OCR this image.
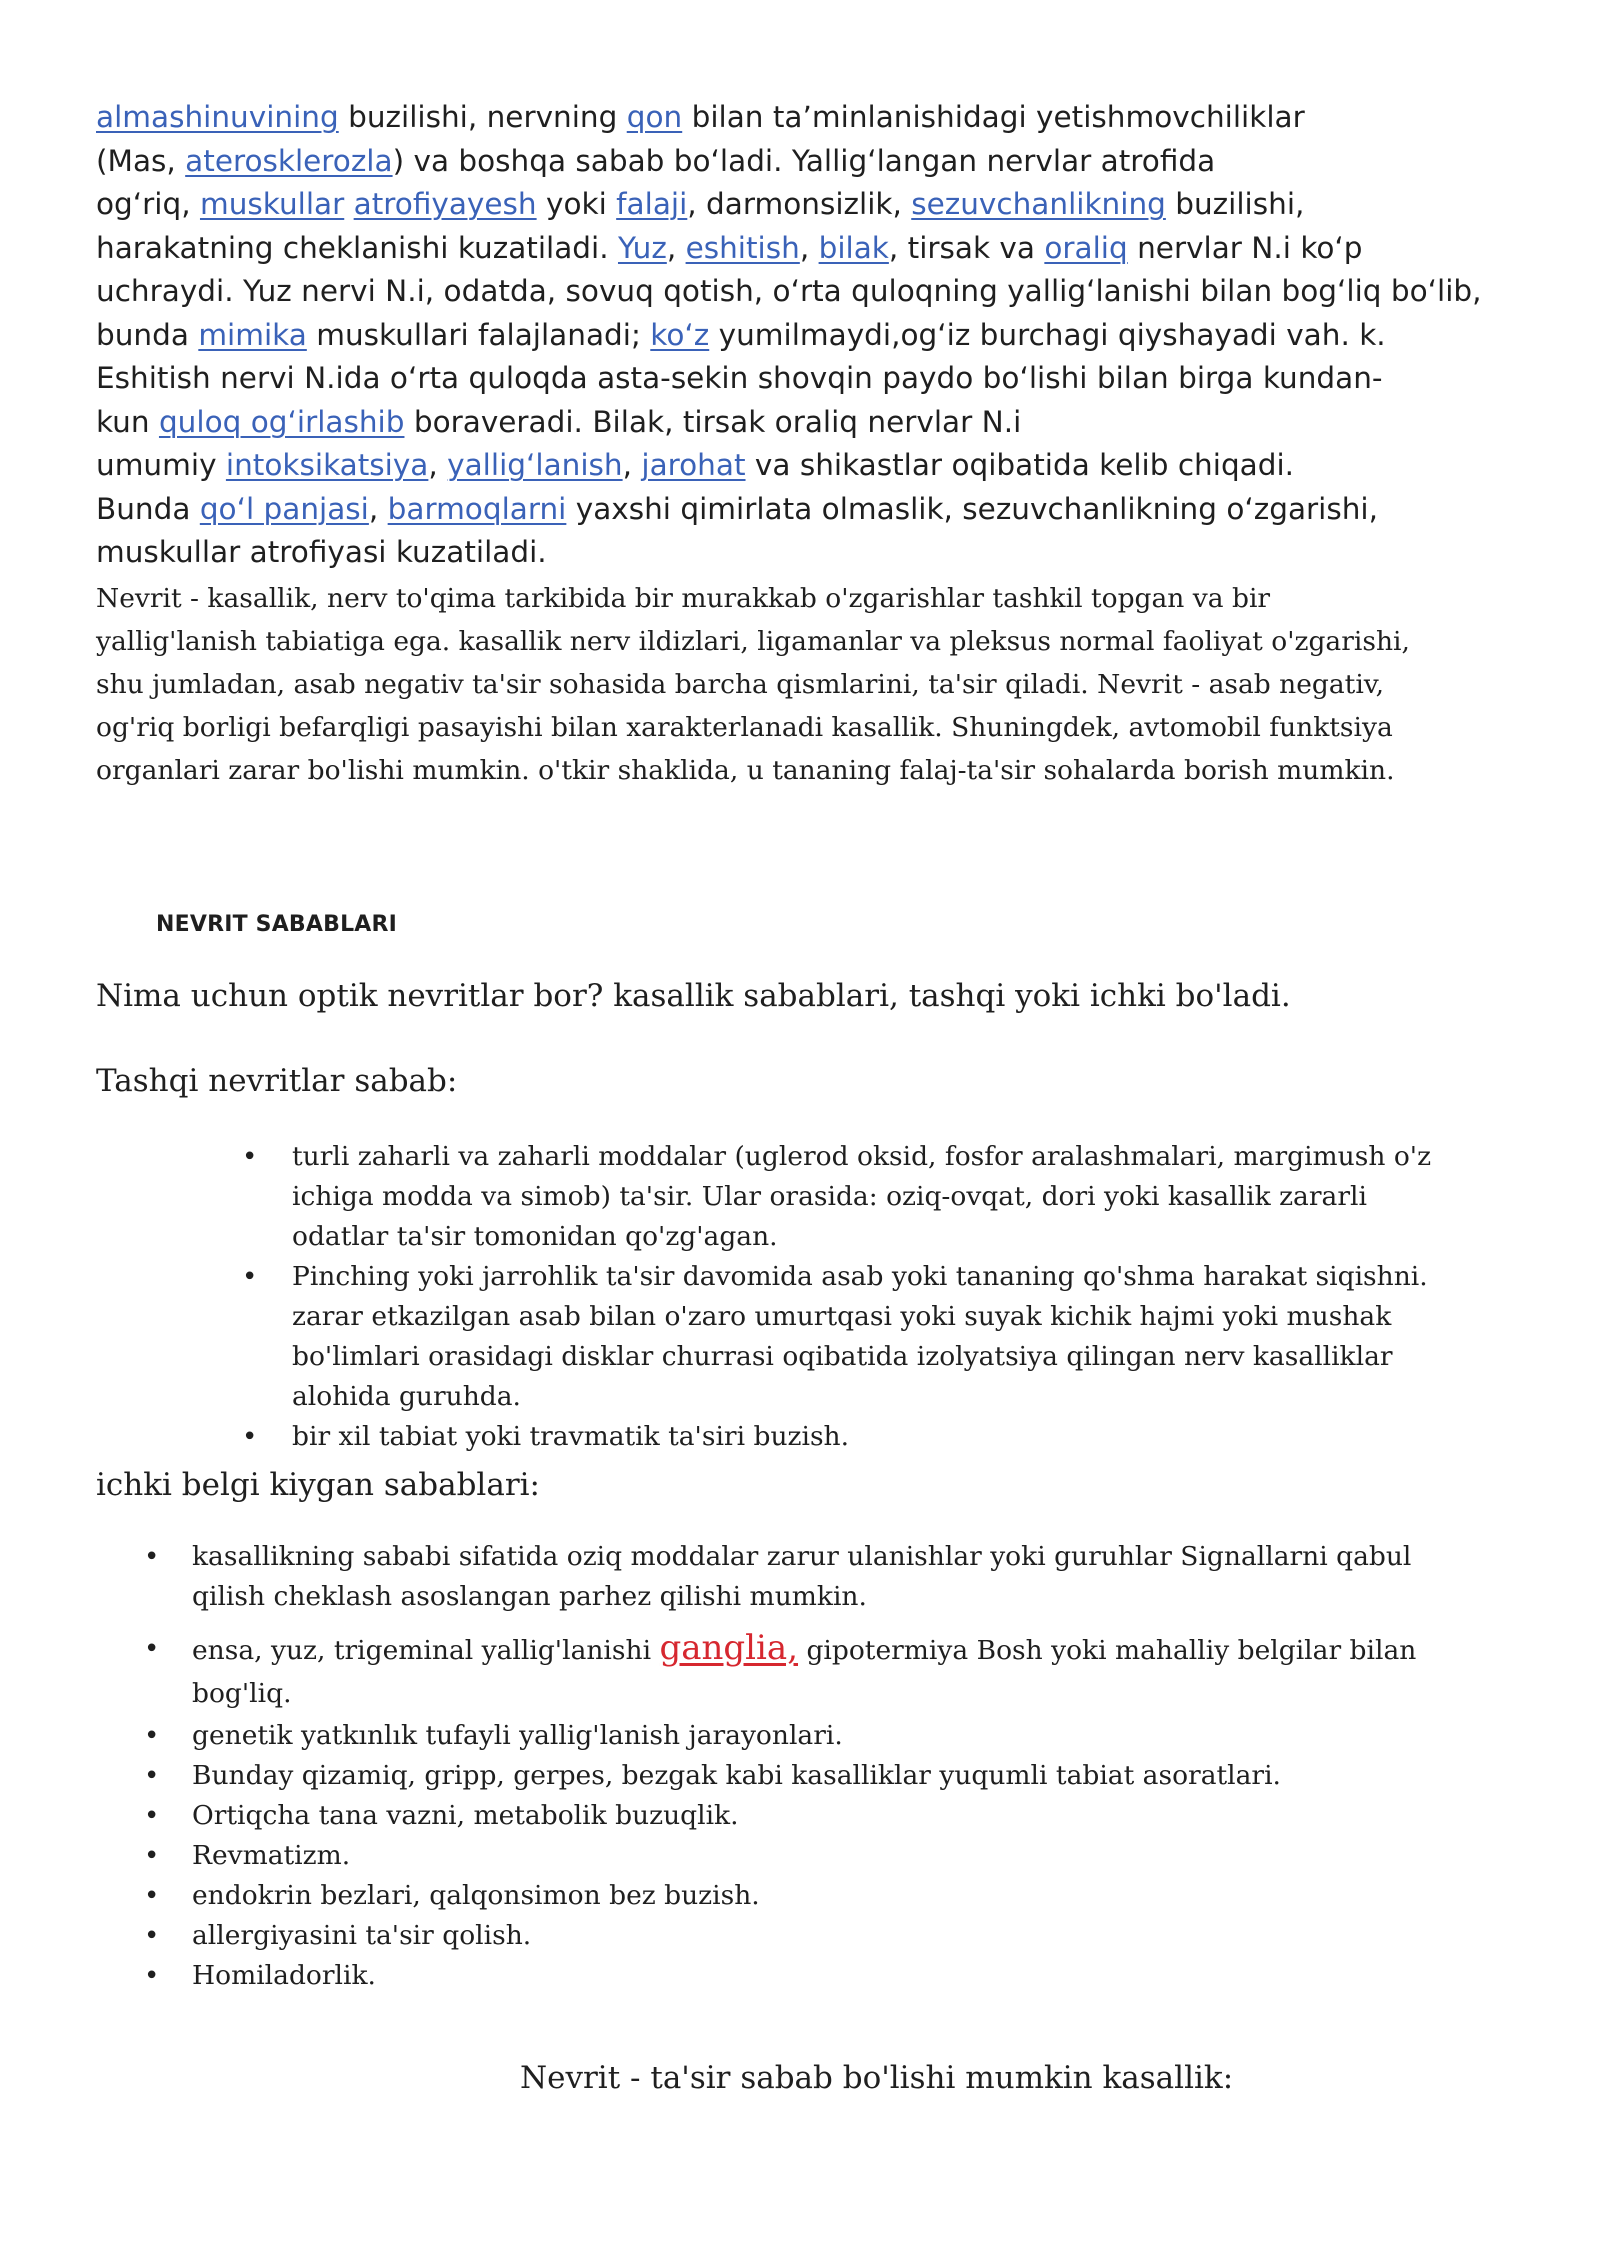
almashinuvining buzilishi, nervning qon bilan ta’minlanishidagi yetishmovchiliklar
(Mas, aterosklerozla) va boshqa sabab bo‘ladi. Yallig‘langan nervlar atrofida
og‘riq, muskullar atrofiyayesh yoki falaji, darmonsizlik, sezuvchanlikning buzilishi,
harakatning cheklanishi kuzatiladi. Yuz, eshitish, bilak, tirsak va oraliq nervlar N.i ko‘p
uchraydi. Yuz nervi N.i, odatda, sovuq qotish, o‘rta quloqning yallig‘lanishi bilan bog‘liq bo‘lib,
bunda mimika muskullari falajlanadi; ko‘z yumilmaydi,og‘iz burchagi qiyshayadi vah. k.
Eshitish nervi N.ida o‘rta quloqda asta-sekin shovqin paydo bo‘lishi bilan birga kundan-
kun quloq og‘irlashib boraveradi. Bilak, tirsak oraliq nervlar N.i
umumiy intoksikatsiya, yallig‘lanish, jarohat va shikastlar oqibatida kelib chiqadi.
Bunda qo‘l panjasi, barmoqlarni yaxshi qimirlata olmaslik, sezuvchanlikning o‘zgarishi,
muskullar atrofiyasi kuzatiladi.
Nevrit - kasallik, nerv to'qima tarkibida bir murakkab o'zgarishlar tashkil topgan va bir
yallig'lanish tabiatiga ega. kasallik nerv ildizlari, ligamanlar va pleksus normal faoliyat o'zgarishi,
shu jumladan, asab negativ ta'sir sohasida barcha qismlarini, ta'sir qiladi. Nevrit - asab negativ,
og'riq borligi befarqligi pasayishi bilan xarakterlanadi kasallik. Shuningdek, avtomobil funktsiya
organlari zarar bo'lishi mumkin. o'tkir shaklida, u tananing falaj-ta'sir sohalarda borish mumkin.
NEVRIT SABABLARI
Nima uchun optik nevritlar bor? kasallik sabablari, tashqi yoki ichki bo'ladi.
Tashqi nevritlar sabab:
• turli zaharli va zaharli moddalar (uglerod oksid, fosfor aralashmalari, margimush o'z
ichiga modda va simob) ta'sir. Ular orasida: oziq-ovqat, dori yoki kasallik zararli
odatlar ta'sir tomonidan qo'zg'agan.
• Pinching yoki jarrohlik ta'sir davomida asab yoki tananing qo'shma harakat siqishni.
zarar etkazilgan asab bilan o'zaro umurtqasi yoki suyak kichik hajmi yoki mushak
bo'limlari orasidagi disklar churrasi oqibatida izolyatsiya qilingan nerv kasalliklar
alohida guruhda.
• bir xil tabiat yoki travmatik ta'siri buzish.
ichki belgi kiygan sabablari:
• kasallikning sababi sifatida oziq moddalar zarur ulanishlar yoki guruhlar Signallarni qabul
qilish cheklash asoslangan parhez qilishi mumkin.
• ensa, yuz, trigeminal yallig'lanishi ganglia, gipotermiya Bosh yoki mahalliy belgilar bilan
bog'liq.
• genetik yatkınlık tufayli yallig'lanish jarayonlari.
• Bunday qizamiq, gripp, gerpes, bezgak kabi kasalliklar yuqumli tabiat asoratlari.
• Ortiqcha tana vazni, metabolik buzuqlik.
• Revmatizm.
• endokrin bezlari, qalqonsimon bez buzish.
• allergiyasini ta'sir qolish.
• Homiladorlik.
Nevrit - ta'sir sabab bo'lishi mumkin kasallik:
